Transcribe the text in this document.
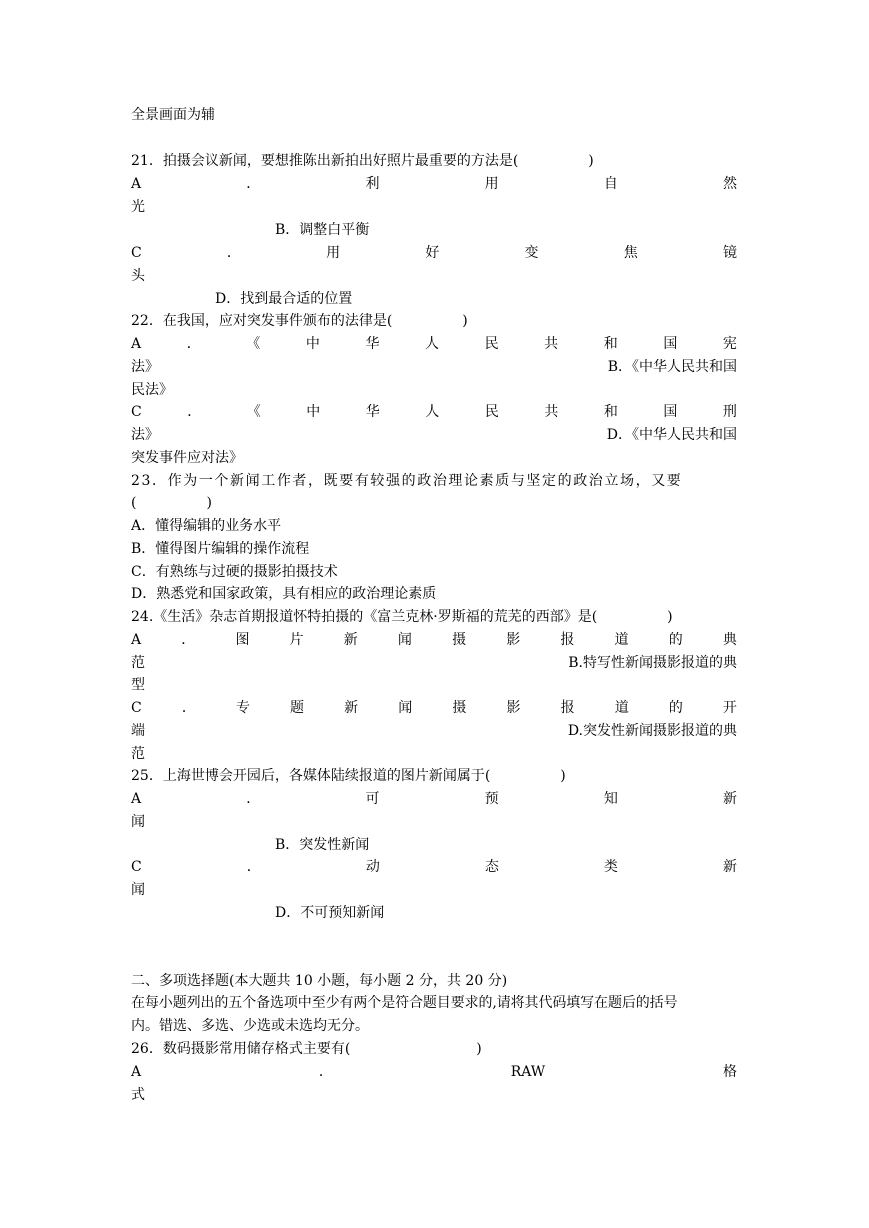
全景画面为辅
21．拍摄会议新闻，要想推陈出新拍出好照片最重要的方法是(　　　　　)
A	．	利	用	自	然
光
B．调整白平衡
C	．	用	好	变	焦	镜
头
D．找到最合适的位置
22．在我国，应对突发事件颁布的法律是(　　　　　)
A	．	《	中	华	人	民	共	和	国	宪
法》	B．《中华人民共和国
民法》
C	．	《	中	华	人	民	共	和	国	刑
法》	D．《中华人民共和国
突发事件应对法》
23．作为一个新闻工作者，既要有较强的政治理论素质与坚定的政治立场，又要
(　　　　　)
A．懂得编辑的业务水平
B．懂得图片编辑的操作流程
C．有熟练与过硬的摄影拍摄技术
D．熟悉党和国家政策，具有相应的政治理论素质
24.《生活》杂志首期报道怀特拍摄的《富兰克林·罗斯福的荒芜的西部》是(　　　　　)
A	．	图	片	新	闻	摄	影	报	道	的	典
范	B.特写性新闻摄影报道的典
型
C	．	专	题	新	闻	摄	影	报	道	的	开
端	D.突发性新闻摄影报道的典
范
25．上海世博会开园后，各媒体陆续报道的图片新闻属于(　　　　　)
A	．	可	预	知	新
闻
B．突发性新闻
C	．	动	态	类	新
闻
D．不可预知新闻
二、多项选择题(本大题共 10 小题，每小题 2 分，共 20 分)
在每小题列出的五个备选项中至少有两个是符合题目要求的,请将其代码填写在题后的括号
内。错选、多选、少选或未选均无分。
26．数码摄影常用储存格式主要有(　　　　　　　　　)
A	．	RAW	格
式
